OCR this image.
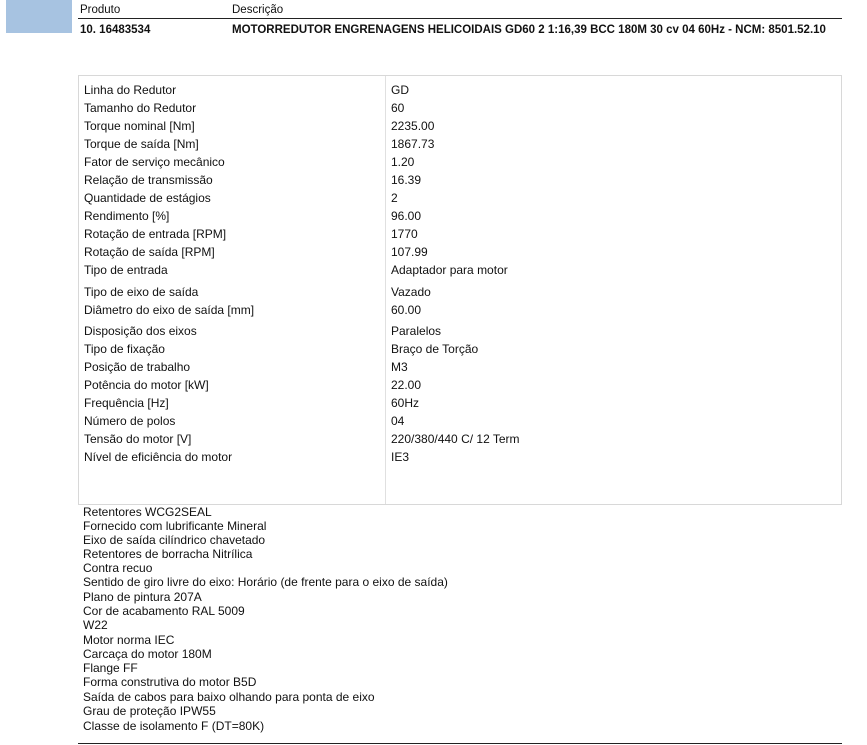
Produto	Descrição
10. 16483534	MOTORREDUTOR ENGRENAGENS HELICOIDAIS GD60 2 1:16,39 BCC 180M 30 cv 04 60Hz - NCM: 8501.52.10
Linha do Redutor	GD
Tamanho do Redutor	60
Torque nominal [Nm]	2235.00
Torque de saída [Nm]	1867.73
Fator de serviço mecânico	1.20
Relação de transmissão	16.39
Quantidade de estágios	2
Rendimento [%]	96.00
Rotação de entrada [RPM]	1770
Rotação de saída [RPM]	107.99
Tipo de entrada	Adaptador para motor
Tipo de eixo de saída	Vazado
Diâmetro do eixo de saída [mm]	60.00
Disposição dos eixos	Paralelos
Tipo de fixação	Braço de Torção
Posição de trabalho	M3
Potência do motor [kW]	22.00
Frequência [Hz]	60Hz
Número de polos	04
Tensão do motor [V]	220/380/440 C/ 12 Term
Nível de eficiência do motor	IE3
Retentores WCG2SEAL
Fornecido com lubrificante Mineral
Eixo de saída cilíndrico chavetado
Retentores de borracha Nitrílica
Contra recuo
Sentido de giro livre do eixo: Horário (de frente para o eixo de saída)
Plano de pintura 207A
Cor de acabamento RAL 5009
W22
Motor norma IEC
Carcaça do motor 180M
Flange FF
Forma construtiva do motor B5D
Saída de cabos para baixo olhando para ponta de eixo
Grau de proteção IPW55
Classe de isolamento F (DT=80K)
